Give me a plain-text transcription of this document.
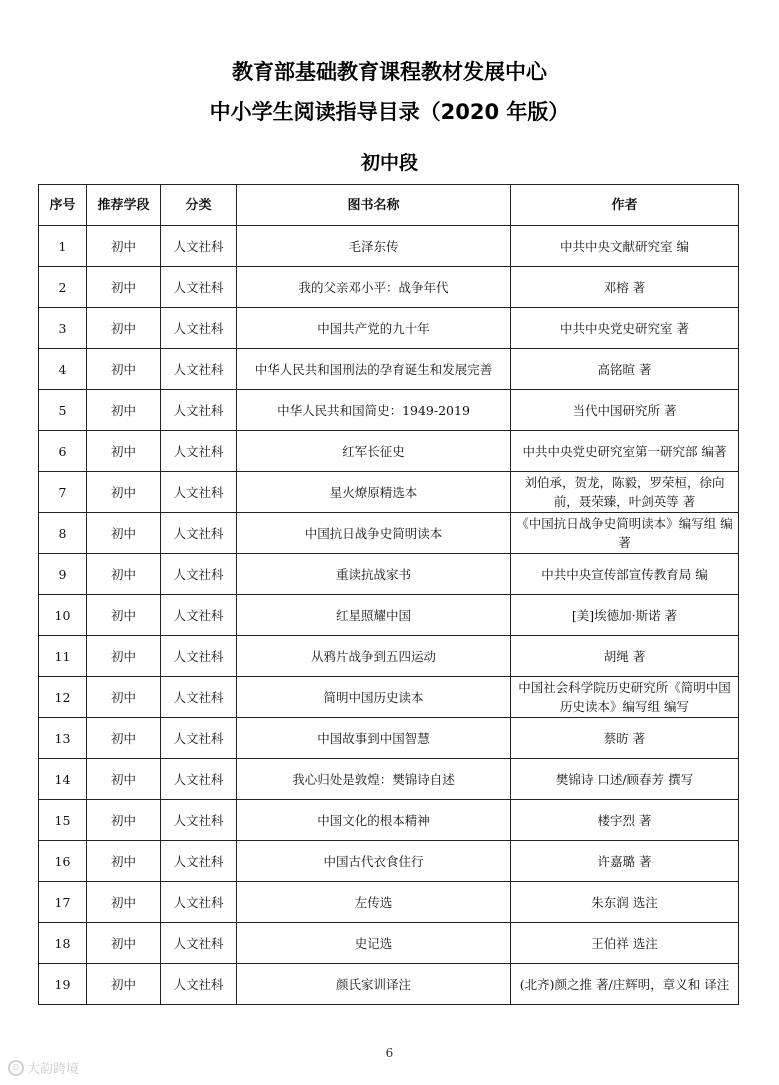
教育部基础教育课程教材发展中心
中小学生阅读指导目录（2020 年版）
初中段
序号	推荐学段	分类	图书名称	作者
1	初中	人文社科	毛泽东传	中共中央文献研究室 编
2	初中	人文社科	我的父亲邓小平：战争年代	邓榕 著
3	初中	人文社科	中国共产党的九十年	中共中央党史研究室 著
4	初中	人文社科	中华人民共和国刑法的孕育诞生和发展完善	高铭暄 著
5	初中	人文社科	中华人民共和国简史：1949-2019	当代中国研究所 著
6	初中	人文社科	红军长征史	中共中央党史研究室第一研究部 编著
7	初中	人文社科	星火燎原精选本	刘伯承，贺龙，陈毅，罗荣桓，徐向前，聂荣臻，叶剑英等 著
8	初中	人文社科	中国抗日战争史简明读本	《中国抗日战争史简明读本》编写组 编著
9	初中	人文社科	重读抗战家书	中共中央宣传部宣传教育局 编
10	初中	人文社科	红星照耀中国	[美]埃德加·斯诺 著
11	初中	人文社科	从鸦片战争到五四运动	胡绳 著
12	初中	人文社科	简明中国历史读本	中国社会科学院历史研究所《简明中国历史读本》编写组 编写
13	初中	人文社科	中国故事到中国智慧	蔡昉 著
14	初中	人文社科	我心归处是敦煌：樊锦诗自述	樊锦诗 口述/顾春芳 撰写
15	初中	人文社科	中国文化的根本精神	楼宇烈 著
16	初中	人文社科	中国古代衣食住行	许嘉璐 著
17	初中	人文社科	左传选	朱东润 选注
18	初中	人文社科	史记选	王伯祥 选注
19	初中	人文社科	颜氏家训译注	(北齐)颜之推 著/庄辉明，章义和 译注
6
D 大韵跨境
